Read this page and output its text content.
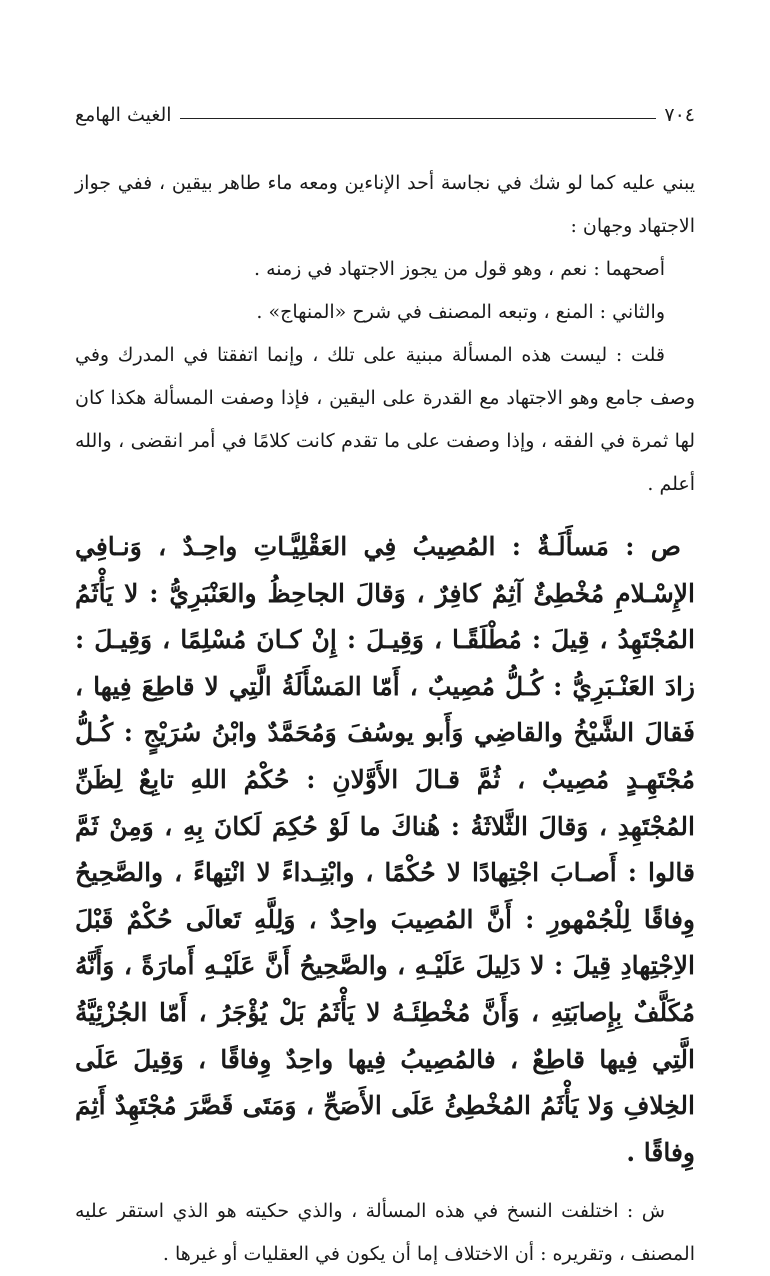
٧٠٤
الغيث الهامع

يبني عليه كما لو شك في نجاسة أحد الإناءين ومعه ماء طاهر بيقين ، ففي جواز الاجتهاد وجهان :

أصحهما : نعم ، وهو قول من يجوز الاجتهاد في زمنه .

والثاني : المنع ، وتبعه المصنف في شرح «المنهاج» .

قلت : ليست هذه المسألة مبنية على تلك ، وإنما اتفقتا في المدرك وفي وصف جامع وهو الاجتهاد مع القدرة على اليقين ، فإذا وصفت المسألة هكذا كان لها ثمرة في الفقه ، وإذا وصفت على ما تقدم كانت كلامًا في أمر انقضى ، والله أعلم .

ص : مَسأَلَـةٌ : المُصِيبُ فِي العَقْلِيَّـاتِ واحِـدٌ ، وَنـافِي الإِسْـلامِ مُخْطِئٌ آثِمٌ كافِرٌ ، وَقالَ الجاحِظُ والعَنْبَرِيُّ : لا يَأْثَمُ المُجْتَهِدُ ، قِيلَ : مُطْلَقًـا ، وَقِيـلَ : إِنْ كـانَ مُسْلِمًا ، وَقِيـلَ : زادَ العَنْـبَرِيُّ : كُـلُّ مُصِيبٌ ، أَمّا المَسْأَلَةُ الَّتِي لا قاطِعَ فِيها ، فَقالَ الشَّيْخُ والقاضِي وَأَبو يوسُفَ وَمُحَمَّدٌ وابْنُ سُرَيْجٍ : كُـلُّ مُجْتَهِـدٍ مُصِيبٌ ، ثُمَّ قـالَ الأَوَّلانِ : حُكْمُ اللهِ تابِعٌ لِظَنِّ المُجْتَهِدِ ، وَقالَ الثَّلاثَةُ : هُناكَ ما لَوْ حُكِمَ لَكانَ بِهِ ، وَمِنْ ثَمَّ قالوا : أَصـابَ اجْتِهادًا لا حُكْمًا ، وابْتِـداءً لا انْتِهاءً ، والصَّحِيحُ وِفاقًا لِلْجُمْهورِ : أَنَّ المُصِيبَ واحِدٌ ، وَلِلَّهِ تَعالَى حُكْمٌ قَبْلَ الاِجْتِهادِ قِيلَ : لا دَلِيلَ عَلَيْـهِ ، والصَّحِيحُ أَنَّ عَلَيْـهِ أَمارَةً ، وَأَنَّهُ مُكَلَّفٌ بِإِصابَتِهِ ، وَأَنَّ مُخْطِئَـهُ لا يَأْثَمُ بَلْ يُؤْجَرُ ، أَمّا الجُزْئِيَّةُ الَّتِي فِيها قاطِعٌ ، فالمُصِيبُ فِيها واحِدٌ وِفاقًا ، وَقِيلَ عَلَى الخِلافِ وَلا يَأْثَمُ المُخْطِئُ عَلَى الأَصَحِّ ، وَمَتَى قَصَّرَ مُجْتَهِدٌ أَثِمَ وِفاقًا .

ش : اختلفت النسخ في هذه المسألة ، والذي حكيته هو الذي استقر عليه المصنف ، وتقريره : أن الاختلاف إما أن يكون في العقليات أو غيرها .
